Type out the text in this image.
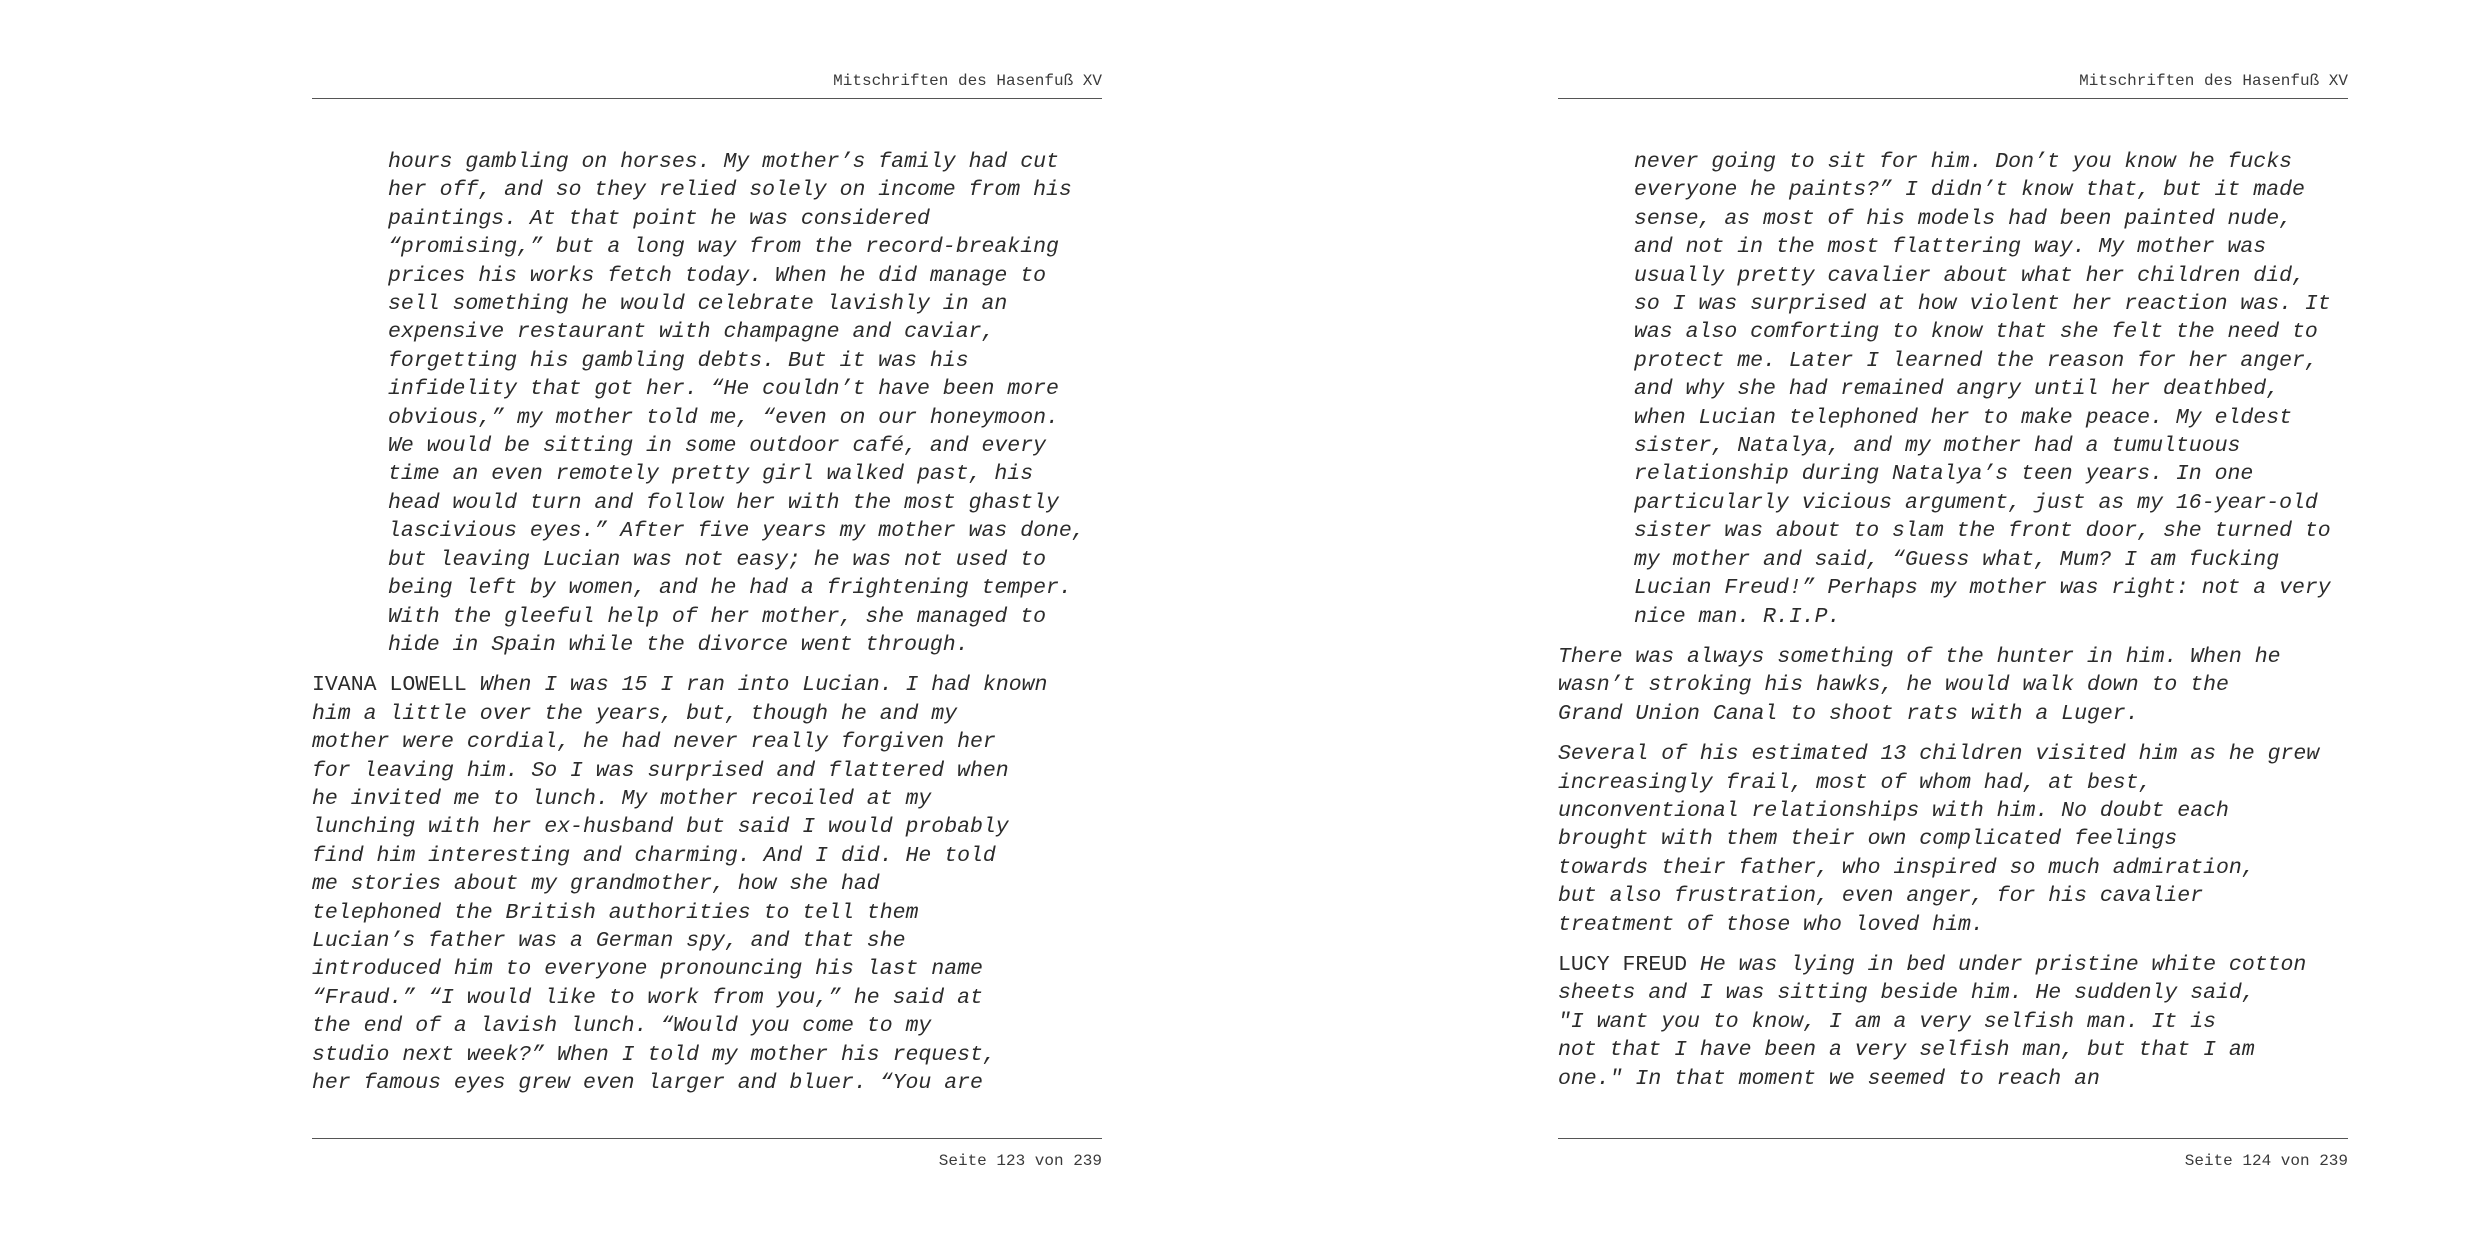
Mitschriften des Hasenfuß XV
hours gambling on horses. My mother’s family had cut
her off, and so they relied solely on income from his
paintings. At that point he was considered
“promising,” but a long way from the record-breaking
prices his works fetch today. When he did manage to
sell something he would celebrate lavishly in an
expensive restaurant with champagne and caviar,
forgetting his gambling debts. But it was his
infidelity that got her. “He couldn’t have been more
obvious,” my mother told me, “even on our honeymoon.
We would be sitting in some outdoor café, and every
time an even remotely pretty girl walked past, his
head would turn and follow her with the most ghastly
lascivious eyes.” After five years my mother was done,
but leaving Lucian was not easy; he was not used to
being left by women, and he had a frightening temper.
With the gleeful help of her mother, she managed to
hide in Spain while the divorce went through.
IVANA LOWELL When I was 15 I ran into Lucian. I had known
him a little over the years, but, though he and my
mother were cordial, he had never really forgiven her
for leaving him. So I was surprised and flattered when
he invited me to lunch. My mother recoiled at my
lunching with her ex-husband but said I would probably
find him interesting and charming. And I did. He told
me stories about my grandmother, how she had
telephoned the British authorities to tell them
Lucian’s father was a German spy, and that she
introduced him to everyone pronouncing his last name
“Fraud.” “I would like to work from you,” he said at
the end of a lavish lunch. “Would you come to my
studio next week?” When I told my mother his request,
her famous eyes grew even larger and bluer. “You are
Seite 123 von 239
Mitschriften des Hasenfuß XV
never going to sit for him. Don’t you know he fucks
everyone he paints?” I didn’t know that, but it made
sense, as most of his models had been painted nude,
and not in the most flattering way. My mother was
usually pretty cavalier about what her children did,
so I was surprised at how violent her reaction was. It
was also comforting to know that she felt the need to
protect me. Later I learned the reason for her anger,
and why she had remained angry until her deathbed,
when Lucian telephoned her to make peace. My eldest
sister, Natalya, and my mother had a tumultuous
relationship during Natalya’s teen years. In one
particularly vicious argument, just as my 16-year-old
sister was about to slam the front door, she turned to
my mother and said, “Guess what, Mum? I am fucking
Lucian Freud!” Perhaps my mother was right: not a very
nice man. R.I.P.
There was always something of the hunter in him. When he
wasn’t stroking his hawks, he would walk down to the
Grand Union Canal to shoot rats with a Luger.
Several of his estimated 13 children visited him as he grew
increasingly frail, most of whom had, at best,
unconventional relationships with him. No doubt each
brought with them their own complicated feelings
towards their father, who inspired so much admiration,
but also frustration, even anger, for his cavalier
treatment of those who loved him.
LUCY FREUD He was lying in bed under pristine white cotton
sheets and I was sitting beside him. He suddenly said,
"I want you to know, I am a very selfish man. It is
not that I have been a very selfish man, but that I am
one." In that moment we seemed to reach an
Seite 124 von 239
